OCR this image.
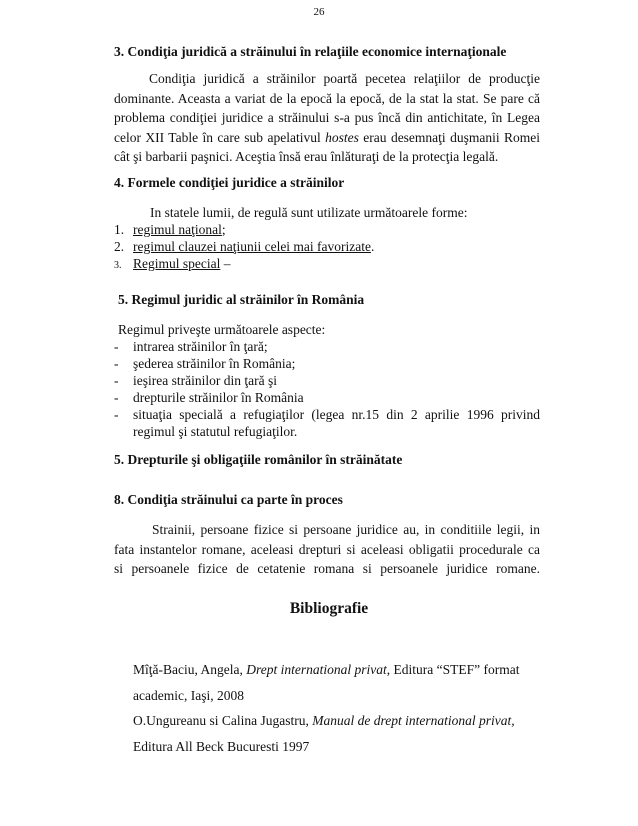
26
3. Condiţia juridică a străinului în relaţiile economice internaţionale
Condiţia juridică a străinilor poartă pecetea relaţiilor de producţie
dominante. Aceasta a variat de la epocă la epocă, de la stat la stat. Se pare că
problema condiţiei juridice a străinului s-a pus încă din antichitate, în Legea
celor XII Table în care sub apelativul hostes erau desemnaţi duşmanii Romei
cât şi barbarii paşnici. Aceştia însă erau înlăturaţi de la protecţia legală.
4. Formele condiţiei juridice a străinilor
In statele lumii, de regulă sunt utilizate următoarele forme:
1. regimul naţional;
2. regimul clauzei naţiunii celei mai favorizate.
3. Regimul special –
5. Regimul juridic al străinilor în România
Regimul priveşte următoarele aspecte:
- intrarea străinilor în ţară;
- şederea străinilor în România;
- ieşirea străinilor din ţară şi
- drepturile străinilor în România
- situaţia specială a refugiaţilor (legea nr.15 din 2 aprilie 1996 privind
regimul şi statutul refugiaţilor.
5. Drepturile şi obligaţiile românilor în străinătate
8. Condiţia străinului ca parte în proces
Strainii, persoane fizice si persoane juridice au, in conditiile legii, in
fata instantelor romane, aceleasi drepturi si aceleasi obligatii procedurale ca
si persoanele fizice de cetatenie romana si persoanele juridice romane.
Bibliografie
Mîţă-Baciu, Angela, Drept international privat, Editura “STEF” format
academic, Iaşi, 2008
O.Ungureanu si Calina Jugastru, Manual de drept international privat,
Editura All Beck Bucuresti 1997
